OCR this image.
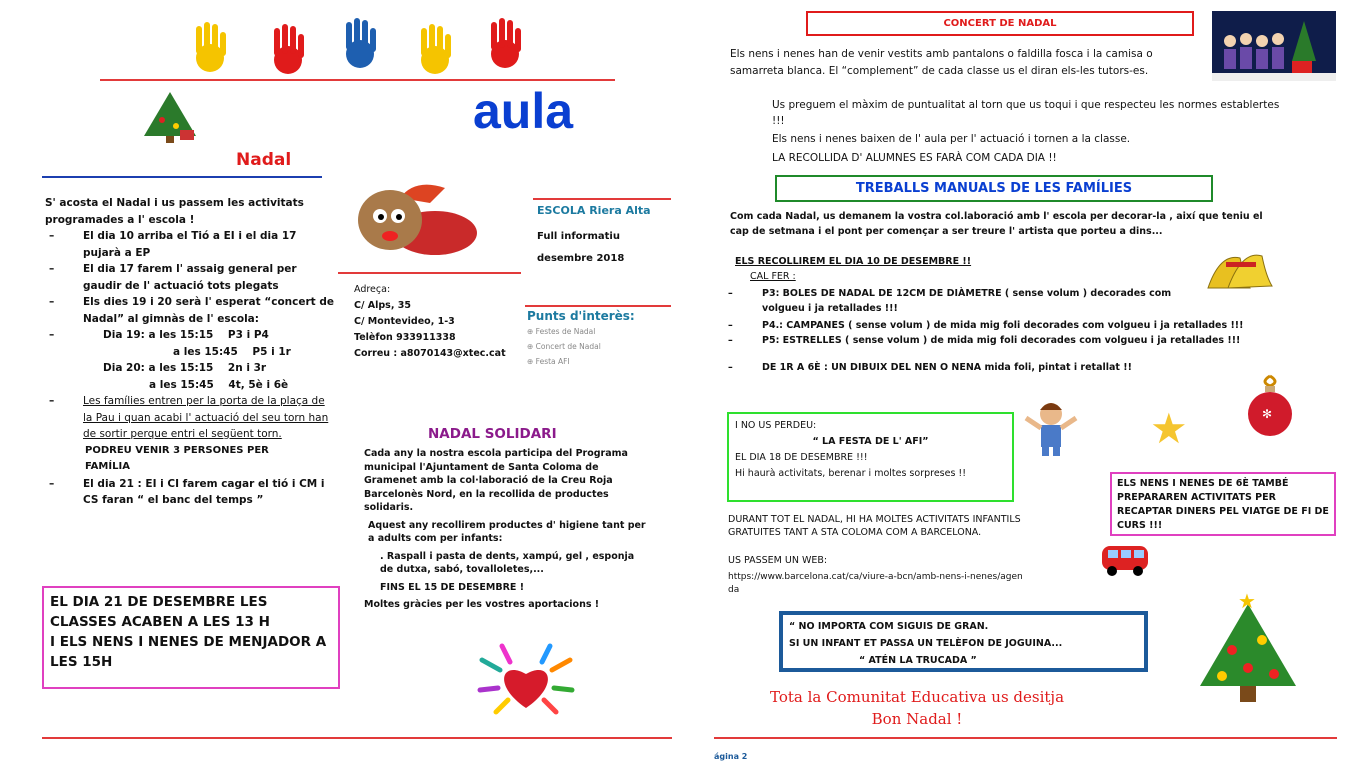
aula
Nadal
S' acosta el Nadal i us passem les activitats programades a l' escola !
– El dia 10 arriba el Tió a EI i el dia 17 pujarà a EP
– El dia 17 farem l' assaig general per gaudir de l' actuació tots plegats
– Els dies 19 i 20 serà l' esperat “concert de Nadal” al gimnàs de l' escola:
– Dia 19: a les 15:15    P3 i P4
a les 15:45    P5 i 1r
Dia 20: a les 15:15    2n i 3r
a les 15:45    4t, 5è i 6è
– Les famílies entren per la porta de la plaça de la Pau i quan acabi l' actuació del seu torn han de sortir perque entri el següent torn.
PODREU VENIR 3 PERSONES PER FAMÍLIA
– El dia 21 : EI i CI farem cagar el tió i CM i CS faran “ el banc del temps ”
EL DIA 21 DE DESEMBRE LES CLASSES ACABEN A LES 13 H
I ELS NENS I NENES DE MENJADOR A LES 15H
ESCOLA Riera Alta
Full informatiu
desembre 2018
Adreça:
C/ Alps, 35
C/ Montevideo, 1-3
Telèfon 933911338
Correu : a8070143@xtec.cat
Punts d'interès:
⊕ Festes de Nadal
⊕ Concert de Nadal
⊕ Festa AFI
NADAL SOLIDARI
Cada any la nostra escola participa del Programa municipal l'Ajuntament de Santa Coloma de Gramenet amb la col·laboració de la Creu Roja Barcelonès Nord, en la recollida de productes solidaris.
Aquest any recollirem productes d' higiene tant per a adults com per infants:
. Raspall i pasta de dents, xampú, gel , esponja de dutxa, sabó, tovalloletes,...
FINS EL 15 DE DESEMBRE !
Moltes gràcies per les vostres aportacions !
CONCERT DE NADAL
Els nens i nenes han de venir vestits amb pantalons o faldilla fosca i la camisa o samarreta blanca. El “complement” de cada classe us el diran els-les tutors-es.
Us preguem el màxim de puntualitat al torn que us toqui i que respecteu les normes establertes !!!
Els nens i nenes baixen de l' aula per l' actuació i tornen a la classe.
LA RECOLLIDA D' ALUMNES ES FARÀ COM CADA DIA !!
TREBALLS MANUALS DE LES FAMÍLIES
Com cada Nadal, us demanem la vostra col.laboració amb l' escola per decorar-la , així que teniu el cap de setmana i el pont per començar a ser treure l' artista que porteu a dins...
ELS RECOLLIREM EL DIA 10 DE DESEMBRE !!
CAL FER :
– P3: BOLES DE NADAL DE 12CM DE DIÀMETRE ( sense volum ) decorades com volgueu i ja retallades !!!
– P4.: CAMPANES ( sense volum ) de mida mig foli decorades com volgueu i ja retallades !!!
– P5: ESTRELLES ( sense volum ) de mida mig foli decorades com volgueu i ja retallades !!!
– DE 1R A 6È : UN DIBUIX DEL NEN O NENA mida foli, pintat i retallat !!
✻
★
I NO US PERDEU:
“ LA FESTA DE L' AFI”
EL DIA 18 DE DESEMBRE !!!
Hi haurà activitats, berenar i moltes sorpreses !!
ELS NENS I NENES DE 6È TAMBÉ PREPARAREN ACTIVITATS PER RECAPTAR DINERS PEL VIATGE DE FI DE CURS !!!
DURANT TOT EL NADAL, HI HA MOLTES ACTIVITATS INFANTILS GRATUITES TANT A STA COLOMA COM A BARCELONA.
US PASSEM UN WEB:
https://www.barcelona.cat/ca/viure-a-bcn/amb-nens-i-nenes/agenda
“ NO IMPORTA COM SIGUIS DE GRAN.
SI UN INFANT ET PASSA UN TELÈFON DE JOGUINA...
“ ATÉN LA TRUCADA ”
★
Tota la Comunitat Educativa us desitja
Bon Nadal !
ágina 2
